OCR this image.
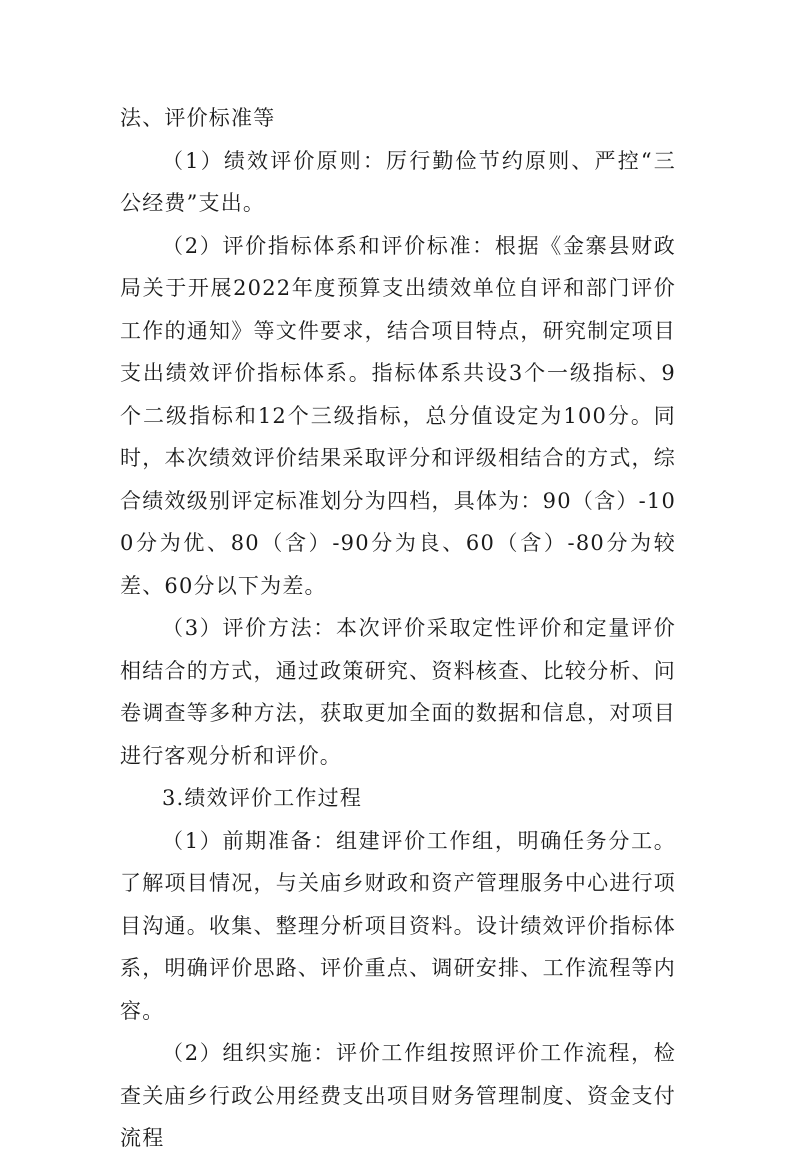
法、评价标准等

（1）绩效评价原则：厉行勤俭节约原则、严控“三公经费”支出。

（2）评价指标体系和评价标准：根据《金寨县财政局关于开展2022年度预算支出绩效单位自评和部门评价工作的通知》等文件要求，结合项目特点，研究制定项目支出绩效评价指标体系。指标体系共设3个一级指标、9个二级指标和12个三级指标，总分值设定为100分。同时，本次绩效评价结果采取评分和评级相结合的方式，综合绩效级别评定标准划分为四档，具体为：90（含）-100分为优、80（含）-90分为良、60（含）-80分为较差、60分以下为差。

（3）评价方法：本次评价采取定性评价和定量评价相结合的方式，通过政策研究、资料核查、比较分析、问卷调查等多种方法，获取更加全面的数据和信息，对项目进行客观分析和评价。

3.绩效评价工作过程

（1）前期准备：组建评价工作组，明确任务分工。了解项目情况，与关庙乡财政和资产管理服务中心进行项目沟通。收集、整理分析项目资料。设计绩效评价指标体系，明确评价思路、评价重点、调研安排、工作流程等内容。

（2）组织实施：评价工作组按照评价工作流程，检查关庙乡行政公用经费支出项目财务管理制度、资金支付流程
